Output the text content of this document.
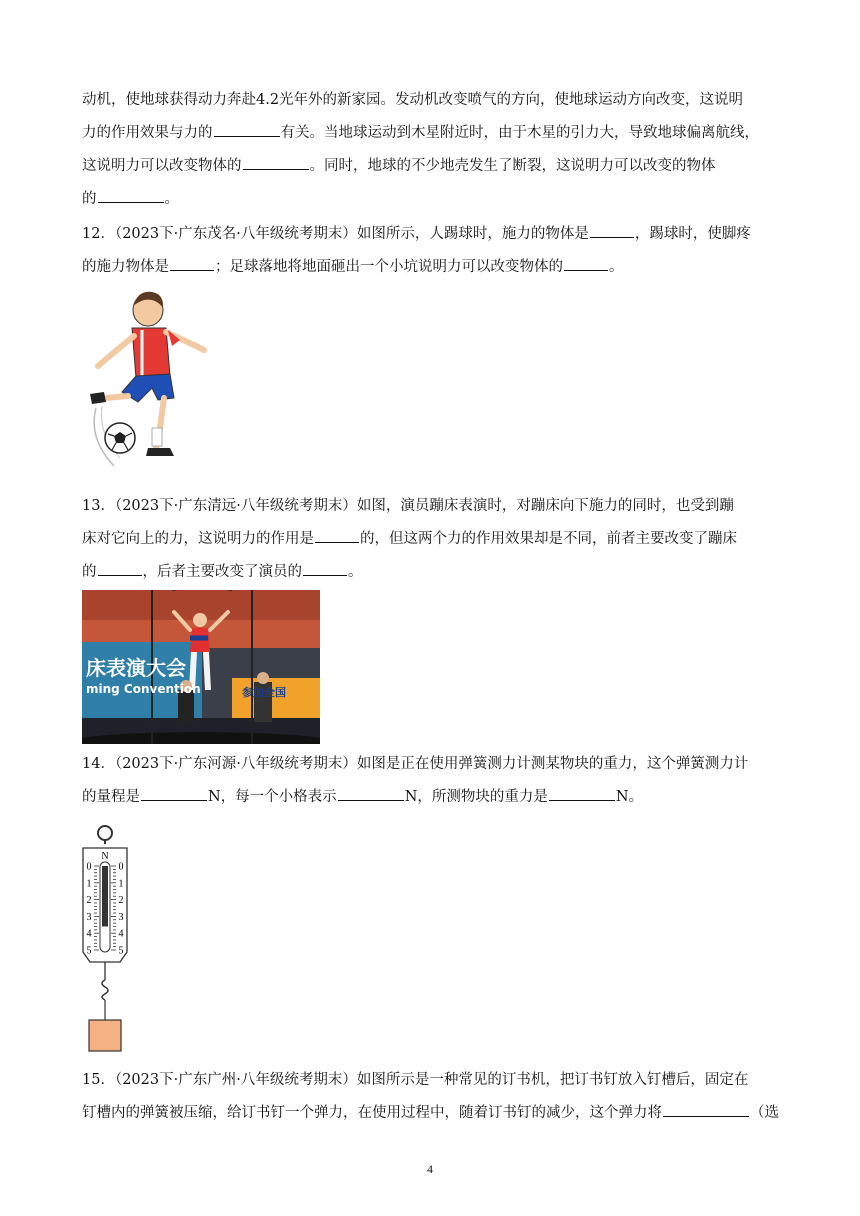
动机，使地球获得动力奔赴4.2光年外的新家园。发动机改变喷气的方向，使地球运动方向改变，这说明
力的作用效果与力的	有关。当地球运动到木星附近时，由于木星的引力大，导致地球偏离航线，
这说明力可以改变物体的	。同时，地球的不少地壳发生了断裂，这说明力可以改变的物体
的	。
12．（2023下·广东茂名·八年级统考期末）如图所示，人踢球时，施力的物体是	，踢球时，使脚疼
的施力物体是	；足球落地将地面砸出一个小坑说明力可以改变物体的	。
13．（2023下·广东清远·八年级统考期末）如图，演员蹦床表演时，对蹦床向下施力的同时，也受到蹦
床对它向上的力，这说明力的作用是	的，但这两个力的作用效果却是不同，前者主要改变了蹦床
的	，后者主要改变了演员的	。
床表演大会
ming Convention	参加全国
14．（2023下·广东河源·八年级统考期末）如图是正在使用弹簧测力计测某物块的重力，这个弹簧测力计
的量程是	N，每一个小格表示	N，所测物块的重力是	N。
N
0	0
1	1
2	2
3	3
4	4
5	5
15．（2023下·广东广州·八年级统考期末）如图所示是一种常见的订书机，把订书钉放入钉槽后，固定在
钉槽内的弹簧被压缩，给订书钉一个弹力，在使用过程中，随着订书钉的减少，这个弹力将	（选
4
